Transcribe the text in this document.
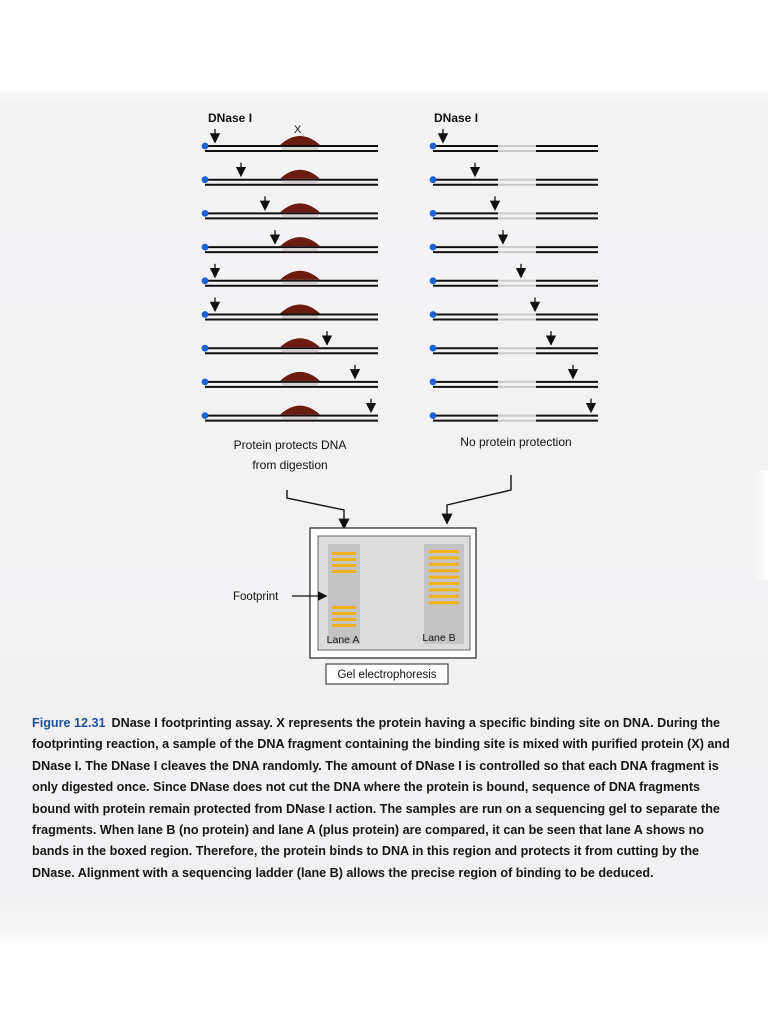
DNase I
X
Protein protects DNA
from digestion
DNase I
No protein protection
Footprint
Lane A	Lane B
Gel electrophoresis

Figure 12.31 DNase I footprinting assay. X represents the protein having a specific binding site on DNA. During the footprinting reaction, a sample of the DNA fragment containing the binding site is mixed with purified protein (X) and DNase I. The DNase I cleaves the DNA randomly. The amount of DNase I is controlled so that each DNA fragment is only digested once. Since DNase does not cut the DNA where the protein is bound, sequence of DNA fragments bound with protein remain protected from DNase I action. The samples are run on a sequencing gel to separate the fragments. When lane B (no protein) and lane A (plus protein) are compared, it can be seen that lane A shows no bands in the boxed region. Therefore, the protein binds to DNA in this region and protects it from cutting by the DNase. Alignment with a sequencing ladder (lane B) allows the precise region of binding to be deduced.
